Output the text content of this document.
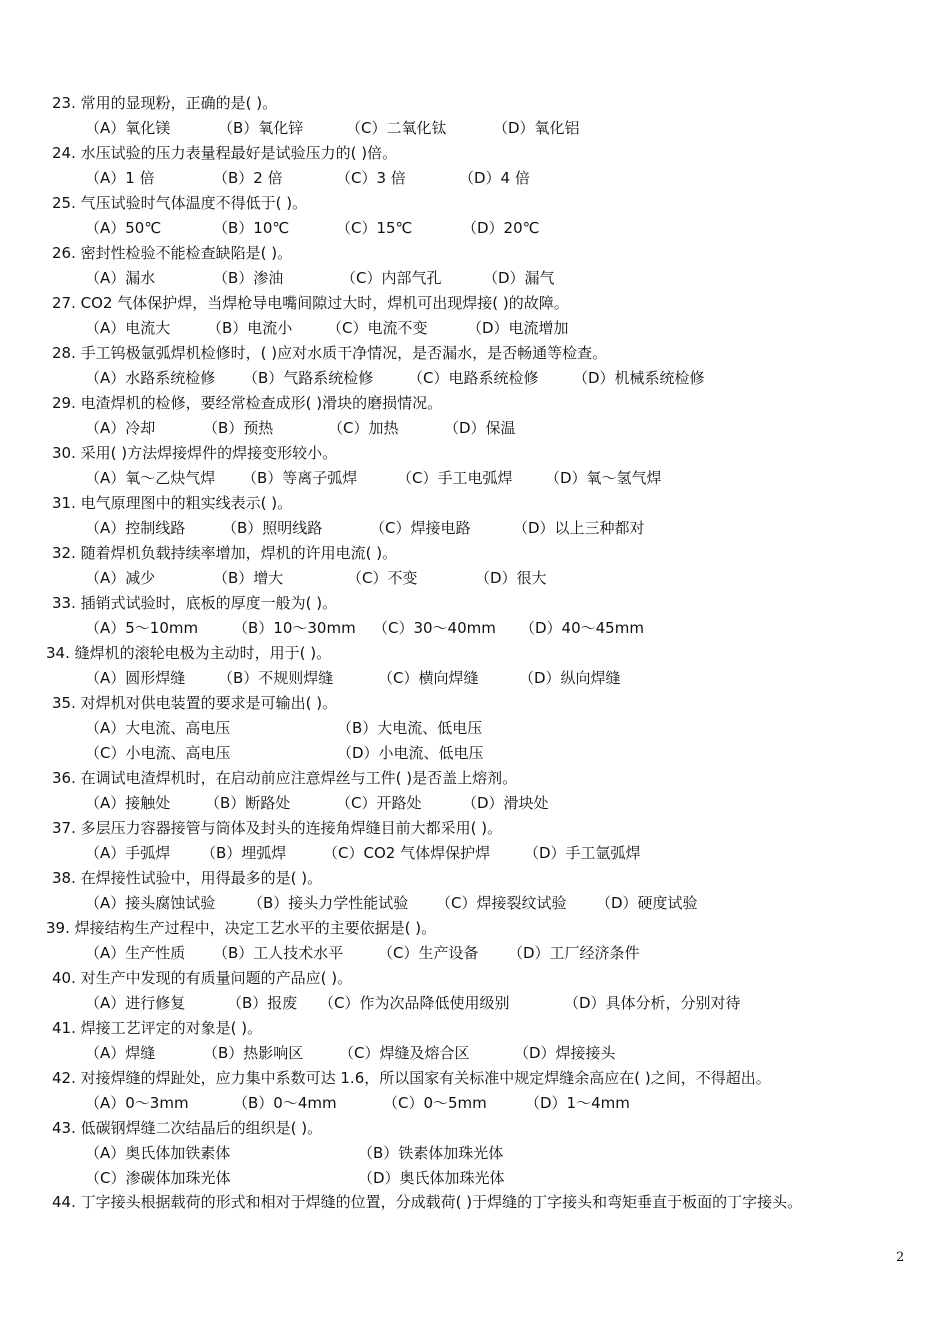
23. 常用的显现粉，正确的是( )。
（A）氧化镁	（B）氧化锌	（C）二氧化钛	（D）氧化铝
24. 水压试验的压力表量程最好是试验压力的( )倍。
（A）1 倍	（B）2 倍	（C）3 倍	（D）4 倍
25. 气压试验时气体温度不得低于( )。
（A）50℃	（B）10℃	（C）15℃	（D）20℃
26. 密封性检验不能检查缺陷是( )。
（A）漏水	（B）渗油	（C）内部气孔	（D）漏气
27. CO2 气体保护焊，当焊枪导电嘴间隙过大时，焊机可出现焊接( )的故障。
（A）电流大 （B）电流小 （C）电流不变	（D）电流增加
28. 手工钨极氩弧焊机检修时，( )应对水质干净情况，是否漏水，是否畅通等检查。
（A）水路系统检修 （B）气路系统检修 （C）电路系统检修 （D）机械系统检修
29. 电渣焊机的检修，要经常检查成形( )滑块的磨损情况。
（A）冷却	（B）预热	（C）加热	（D）保温
30. 采用( )方法焊接焊件的焊接变形较小。
（A）氧～乙炔气焊 （B）等离子弧焊	（C）手工电弧焊 （D）氧～氢气焊
31. 电气原理图中的粗实线表示( )。
（A）控制线路 （B）照明线路	（C）焊接电路	（D）以上三种都对
32. 随着焊机负载持续率增加，焊机的许用电流( )。
（A）减少	（B）增大	（C）不变	（D）很大
33. 插销式试验时，底板的厚度一般为( )。
（A）5～10mm （B）10～30mm （C）30～40mm （D）40～45mm
34. 缝焊机的滚轮电极为主动时，用于( )。
（A）圆形焊缝 （B）不规则焊缝	（C）横向焊缝	（D）纵向焊缝
35. 对焊机对供电装置的要求是可输出( )。
（A）大电流、高电压	（B）大电流、低电压
（C）小电流、高电压	（D）小电流、低电压
36. 在调试电渣焊机时，在启动前应注意焊丝与工件( )是否盖上熔剂。
（A）接触处 （B）断路处	（C）开路处	（D）滑块处
37. 多层压力容器接管与筒体及封头的连接角焊缝目前大都采用( )。
（A）手弧焊 （B）埋弧焊 （C）CO2 气体焊保护焊 （D）手工氩弧焊
38. 在焊接性试验中，用得最多的是( )。
（A）接头腐蚀试验 （B）接头力学性能试验 （C）焊接裂纹试验 （D）硬度试验
39. 焊接结构生产过程中，决定工艺水平的主要依据是( )。
（A）生产性质 （B）工人技术水平 （C）生产设备 （D）工厂经济条件
40. 对生产中发现的有质量问题的产品应( )。
（A）进行修复	（B）报废 （C）作为次品降低使用级别	（D）具体分析，分别对待
41. 焊接工艺评定的对象是( )。
（A）焊缝	（B）热影响区 （C）焊缝及熔合区	（D）焊接接头
42. 对接焊缝的焊趾处，应力集中系数可达 1.6，所以国家有关标准中规定焊缝余高应在( )之间，不得超出。
（A）0～3mm	（B）0～4mm	（C）0～5mm	（D）1～4mm
43. 低碳钢焊缝二次结晶后的组织是( )。
（A）奥氏体加铁素体	（B）铁素体加珠光体
（C）渗碳体加珠光体	（D）奥氏体加珠光体
44. 丁字接头根据载荷的形式和相对于焊缝的位置，分成载荷( )于焊缝的丁字接头和弯矩垂直于板面的丁字接头。
2
